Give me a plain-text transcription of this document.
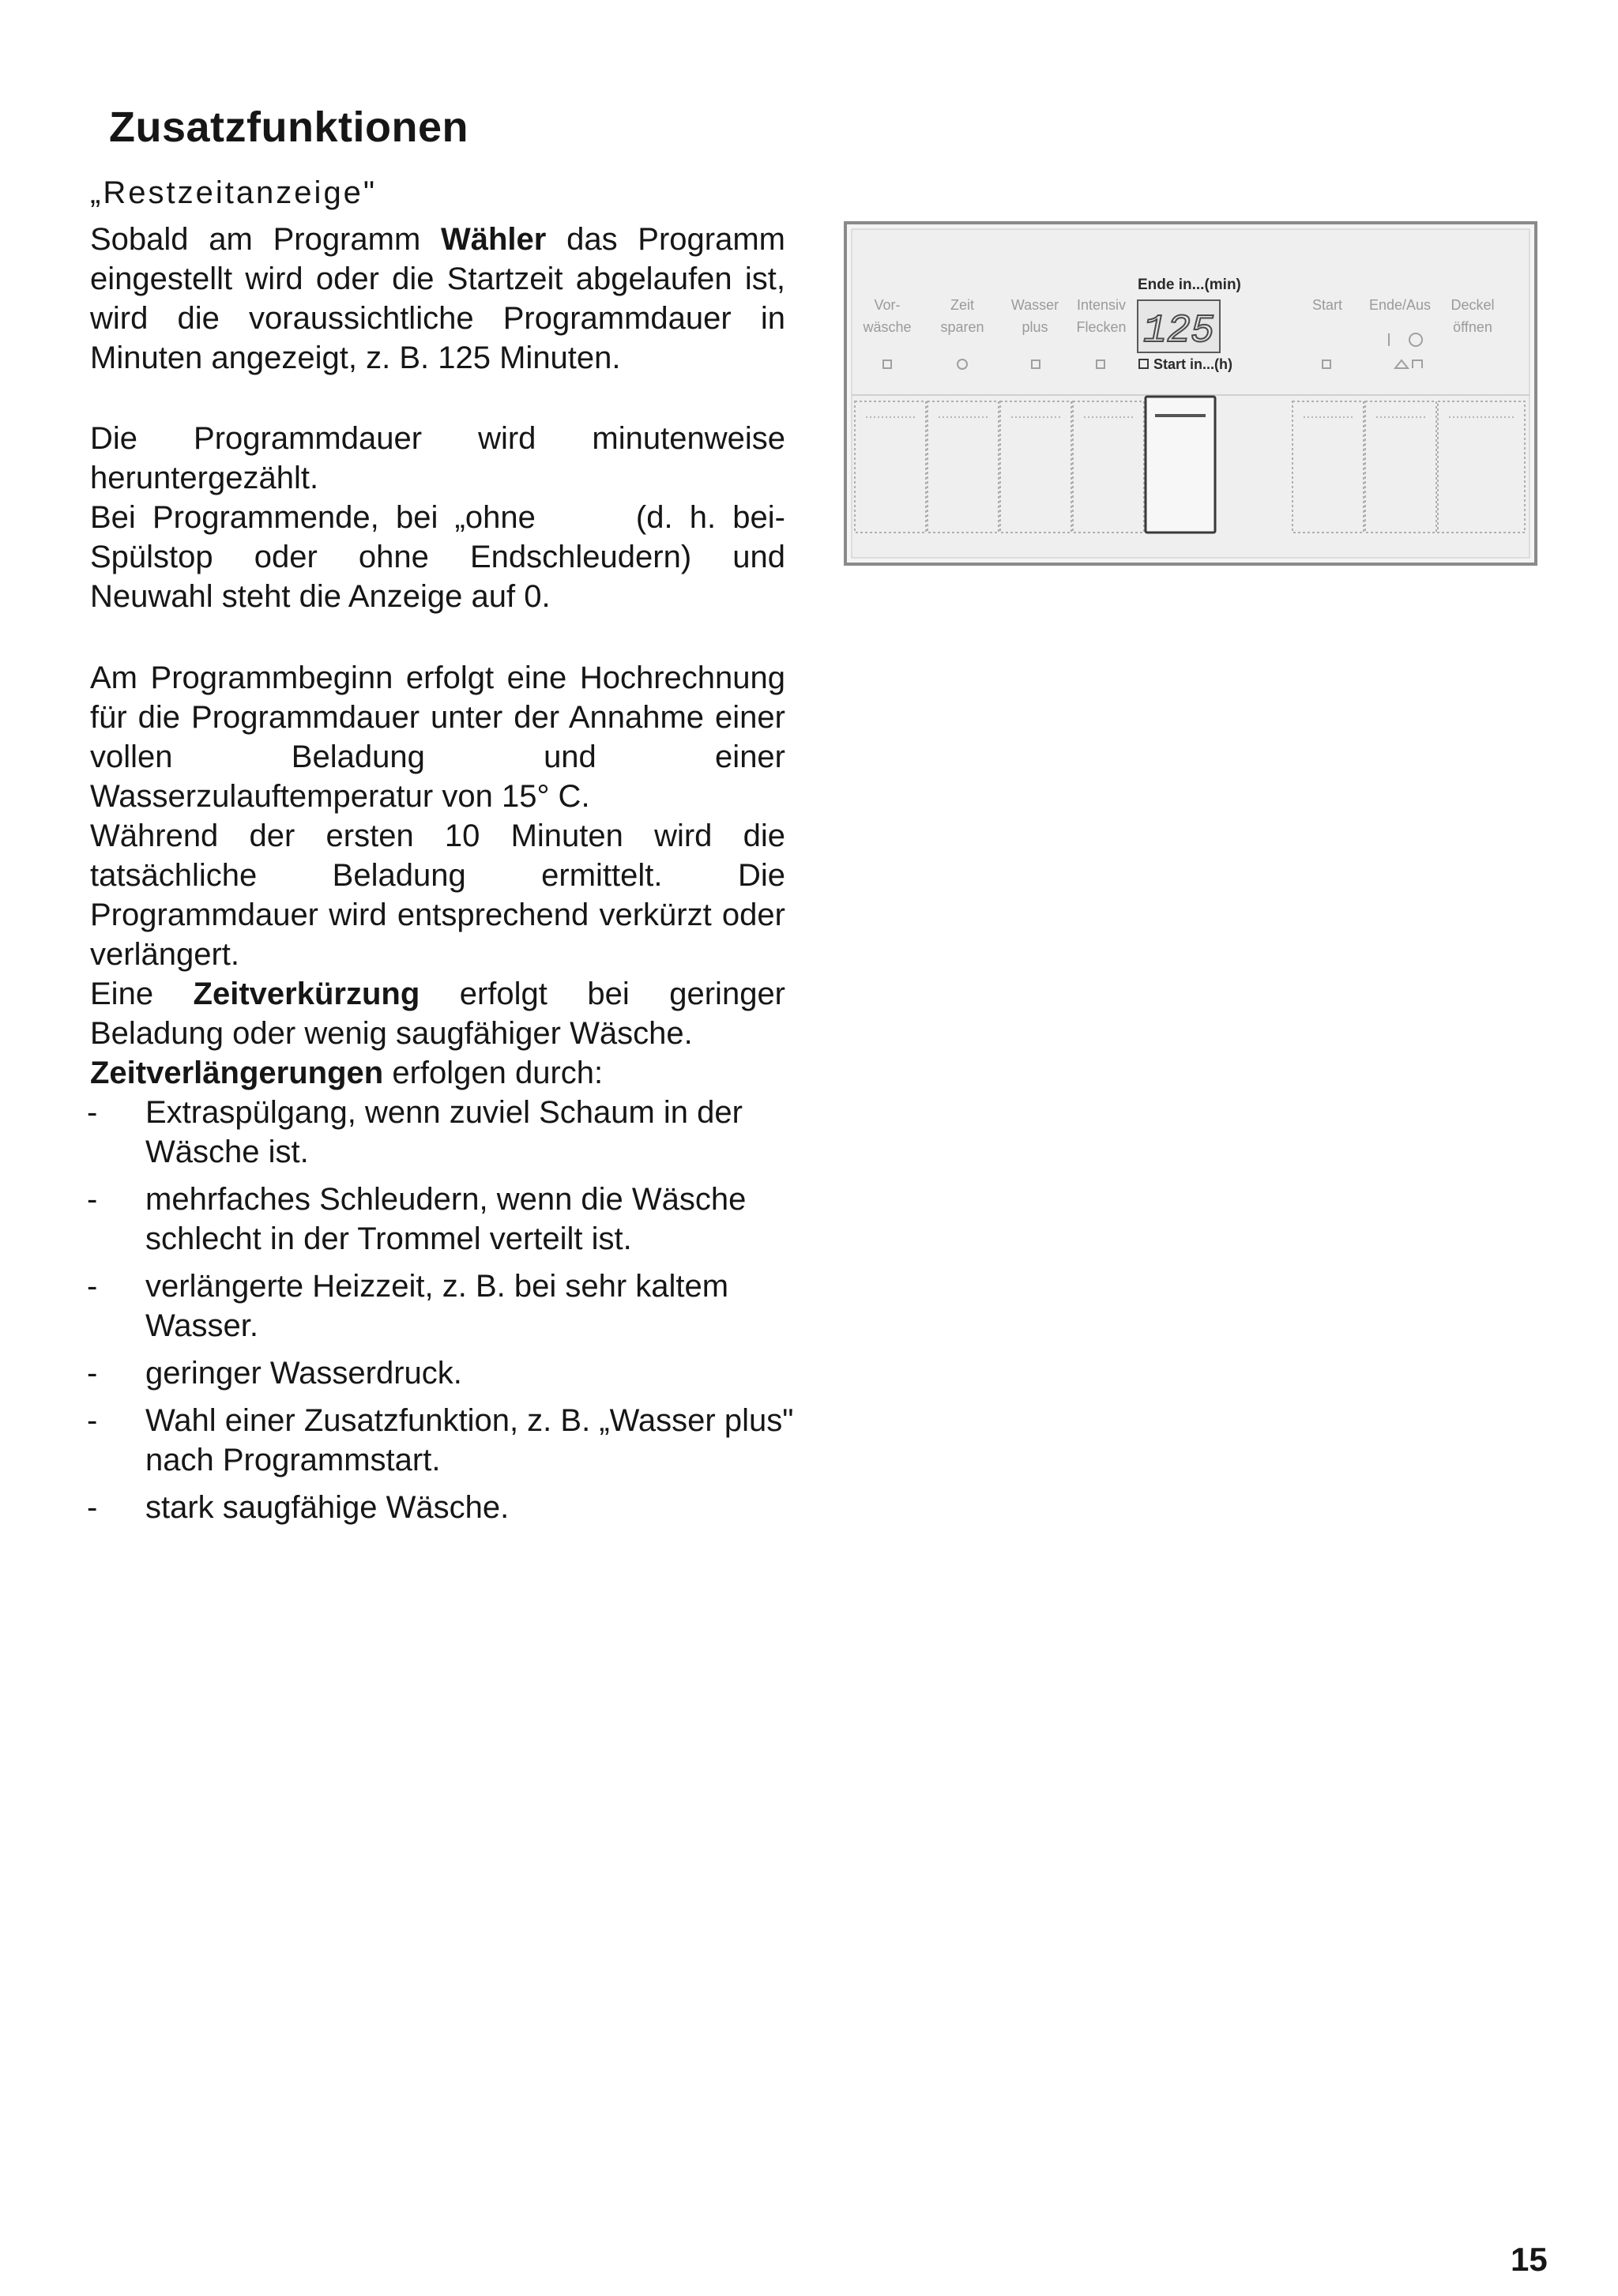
Zusatzfunktionen
„Restzeitanzeige"
Sobald am Programm Wähler das Programm eingestellt wird oder die Startzeit abgelaufen ist, wird die voraussichtliche Programmdauer in Minuten angezeigt, z. B. 125 Minuten.
Die Programmdauer wird minutenweise heruntergezählt.
Bei Programmende, bei „ohne      (d. h. bei-Spülstop oder ohne Endschleudern) und Neuwahl steht die Anzeige auf 0.
Am Programmbeginn erfolgt eine Hochrechnung für die Programmdauer unter der Annahme einer vollen Beladung und einer Wasserzulauftemperatur von 15° C.
Während der ersten 10 Minuten wird die tatsächliche Beladung ermittelt. Die Programmdauer wird entsprechend verkürzt oder verlängert.
Eine Zeitverkürzung erfolgt bei geringer Beladung oder wenig saugfähiger Wäsche.
Zeitverlängerungen erfolgen durch:
- Extraspülgang, wenn zuviel Schaum in der Wäsche ist.
- mehrfaches Schleudern, wenn die Wäsche schlecht in der Trommel verteilt ist.
- verlängerte Heizzeit, z. B. bei sehr kaltem Wasser.
- geringer Wasserdruck.
- Wahl einer Zusatzfunktion, z. B. „Wasser plus" nach Programmstart.
- stark saugfähige Wäsche.
Vor-
wäsche
Zeit
sparen
Wasser
plus
Intensiv
Flecken
Start Ende/Aus Deckel
öffnen
Ende in...(min)
125
Start in...(h)
15
